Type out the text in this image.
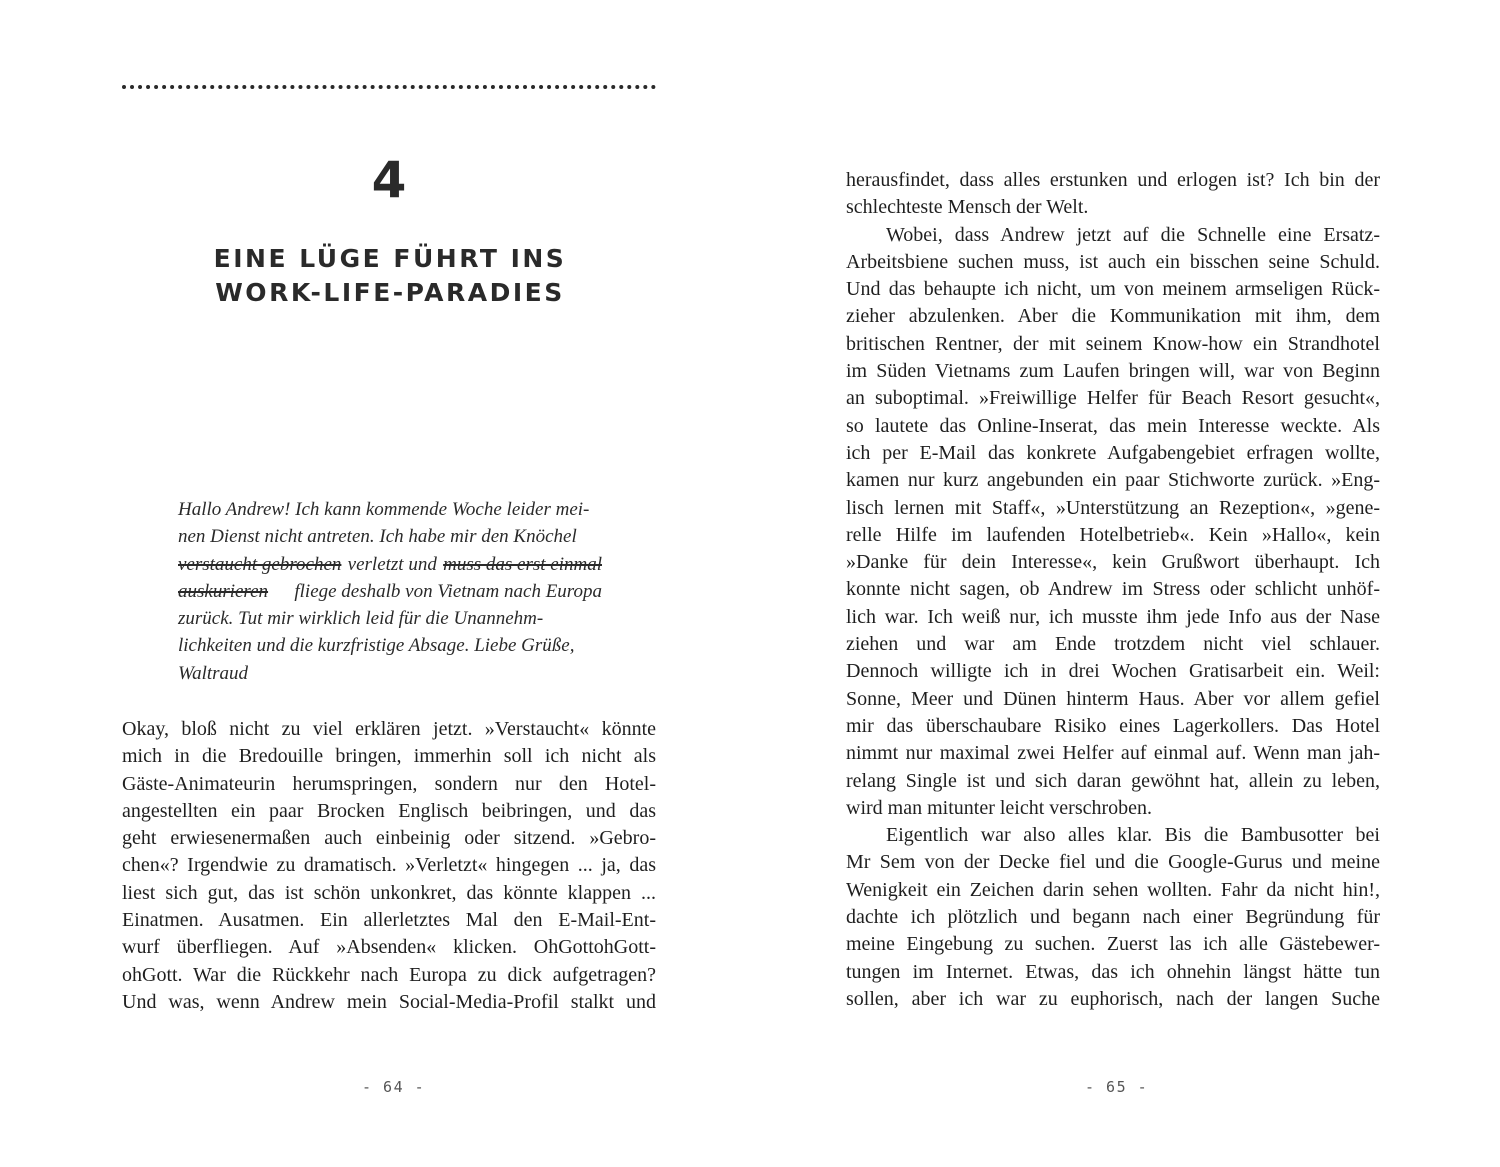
4
EINE LÜGE FÜHRT INS
WORK-LIFE-PARADIES
Hallo Andrew! Ich kann kommende Woche leider mei-
nen Dienst nicht antreten. Ich habe mir den Knöchel
verstaucht gebrochen verletzt und muss das erst einmal
auskurieren fliege deshalb von Vietnam nach Europa
zurück. Tut mir wirklich leid für die Unannehm-
lichkeiten und die kurzfristige Absage. Liebe Grüße,
Waltraud
Okay, bloß nicht zu viel erklären jetzt. »Verstaucht« könnte
mich in die Bredouille bringen, immerhin soll ich nicht als
Gäste-Animateurin herumspringen, sondern nur den Hotel-
angestellten ein paar Brocken Englisch beibringen, und das
geht erwiesenermaßen auch einbeinig oder sitzend. »Gebro-
chen«? Irgendwie zu dramatisch. »Verletzt« hingegen ... ja, das
liest sich gut, das ist schön unkonkret, das könnte klappen ...
Einatmen. Ausatmen. Ein allerletztes Mal den E-Mail-Ent-
wurf überfliegen. Auf »Absenden« klicken. OhGottohGott-
ohGott. War die Rückkehr nach Europa zu dick aufgetragen?
Und was, wenn Andrew mein Social-Media-Profil stalkt und
- 64 -
herausfindet, dass alles erstunken und erlogen ist? Ich bin der
schlechteste Mensch der Welt.
Wobei, dass Andrew jetzt auf die Schnelle eine Ersatz-
Arbeitsbiene suchen muss, ist auch ein bisschen seine Schuld.
Und das behaupte ich nicht, um von meinem armseligen Rück-
zieher abzulenken. Aber die Kommunikation mit ihm, dem
britischen Rentner, der mit seinem Know-how ein Strandhotel
im Süden Vietnams zum Laufen bringen will, war von Beginn
an suboptimal. »Freiwillige Helfer für Beach Resort gesucht«,
so lautete das Online-Inserat, das mein Interesse weckte. Als
ich per E-Mail das konkrete Aufgabengebiet erfragen wollte,
kamen nur kurz angebunden ein paar Stichworte zurück. »Eng-
lisch lernen mit Staff«, »Unterstützung an Rezeption«, »gene-
relle Hilfe im laufenden Hotelbetrieb«. Kein »Hallo«, kein
»Danke für dein Interesse«, kein Grußwort überhaupt. Ich
konnte nicht sagen, ob Andrew im Stress oder schlicht unhöf-
lich war. Ich weiß nur, ich musste ihm jede Info aus der Nase
ziehen und war am Ende trotzdem nicht viel schlauer.
Dennoch willigte ich in drei Wochen Gratisarbeit ein. Weil:
Sonne, Meer und Dünen hinterm Haus. Aber vor allem gefiel
mir das überschaubare Risiko eines Lagerkollers. Das Hotel
nimmt nur maximal zwei Helfer auf einmal auf. Wenn man jah-
relang Single ist und sich daran gewöhnt hat, allein zu leben,
wird man mitunter leicht verschroben.
Eigentlich war also alles klar. Bis die Bambusotter bei
Mr Sem von der Decke fiel und die Google-Gurus und meine
Wenigkeit ein Zeichen darin sehen wollten. Fahr da nicht hin!,
dachte ich plötzlich und begann nach einer Begründung für
meine Eingebung zu suchen. Zuerst las ich alle Gästebewer-
tungen im Internet. Etwas, das ich ohnehin längst hätte tun
sollen, aber ich war zu euphorisch, nach der langen Suche
- 65 -
